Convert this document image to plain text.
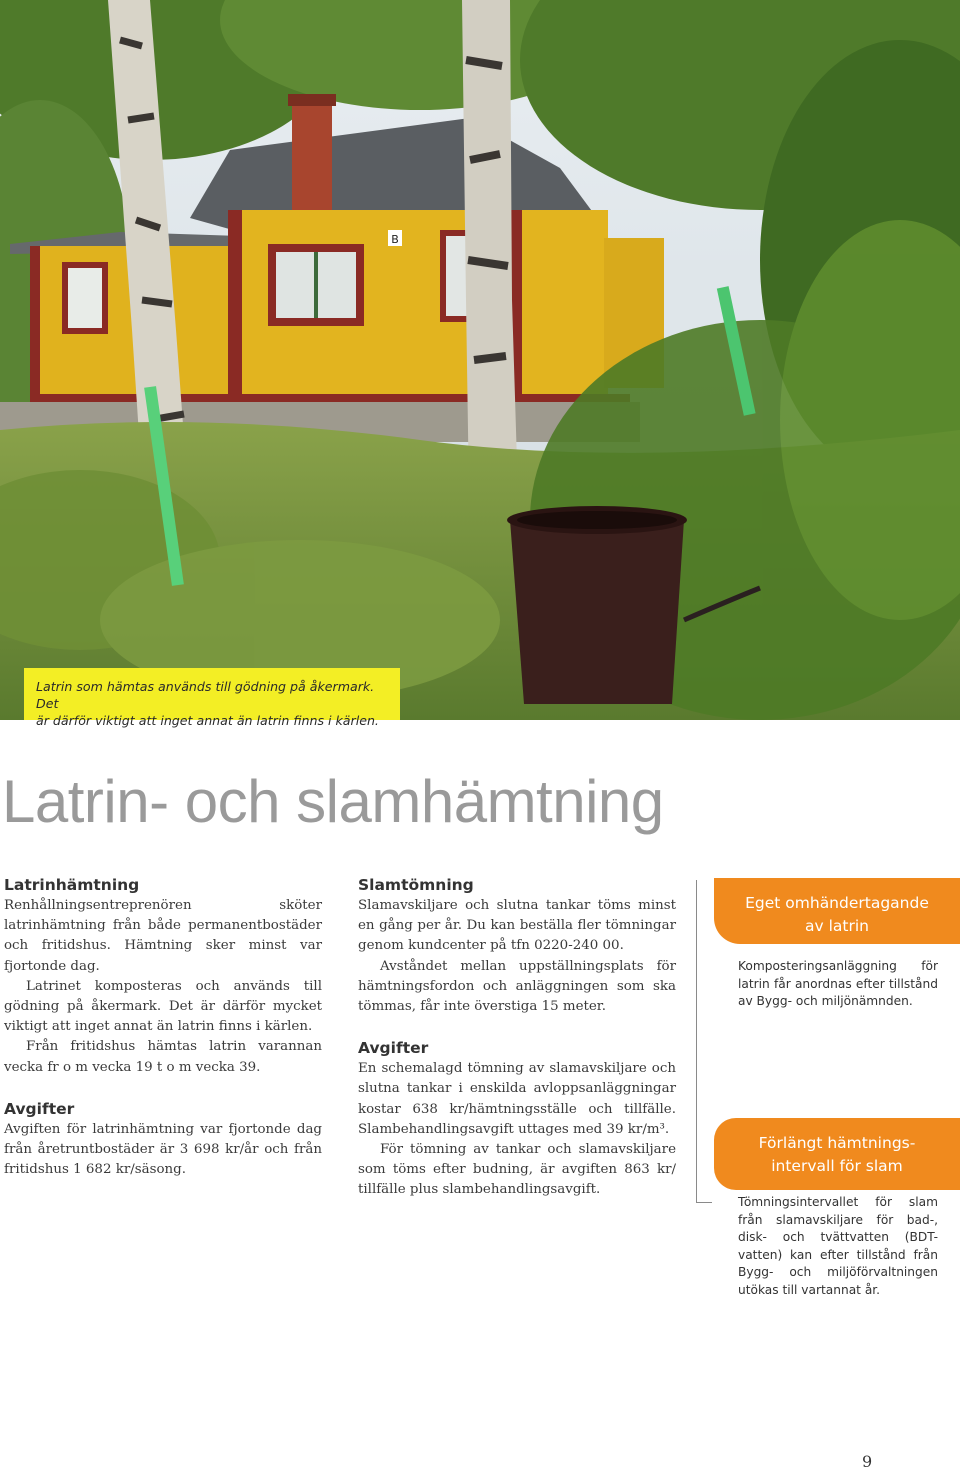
B
Latrin som hämtas används till gödning på åkermark. Det
är därför viktigt att inget annat än latrin finns i kärlen.
Latrin- och slamhämtning
Latrinhämtning

Renhållningsentreprenören sköter latrinhämtning från både permanentbostäder och fritidshus. Hämtning sker minst var fjortonde dag.

Latrinet komposteras och används till gödning på åkermark. Det är därför mycket viktigt att inget annat än latrin finns i kärlen.

Från fritidshus hämtas latrin varannan vecka fr o m vecka 19 t o m vecka 39.

Avgifter

Avgiften för latrinhämtning var fjortonde dag från åretruntbostäder är 3 698 kr/år och från fritidshus 1 682 kr/säsong.

Slamtömning

Slamavskiljare och slutna tankar töms minst en gång per år. Du kan beställa fler tömningar genom kundcenter på tfn 0220-240 00.

Avståndet mellan uppställningsplats för hämtningsfordon och anläggningen som ska tömmas, får inte överstiga 15 meter.

Avgifter

En schemalagd tömning av slamavskiljare och slutna tankar i enskilda avloppsanläggningar kostar 638 kr/hämtningsställe och tillfälle. Slambehandlingsavgift uttages med 39 kr/m³.

För tömning av tankar och slamavskiljare som töms efter budning, är avgiften 863 kr/ tillfälle plus slambehandlingsavgift.

Eget omhändertagande
av latrin

Komposteringsanläggning för latrin får anordnas efter tillstånd av Bygg- och miljönämnden.

Förlängt hämtnings-
intervall för slam

Tömningsintervallet för slam från slamavskiljare för bad-, disk- och tvättvatten (BDT-vatten) kan efter tillstånd från Bygg- och miljöförvaltningen utökas till vartannat år.

9
